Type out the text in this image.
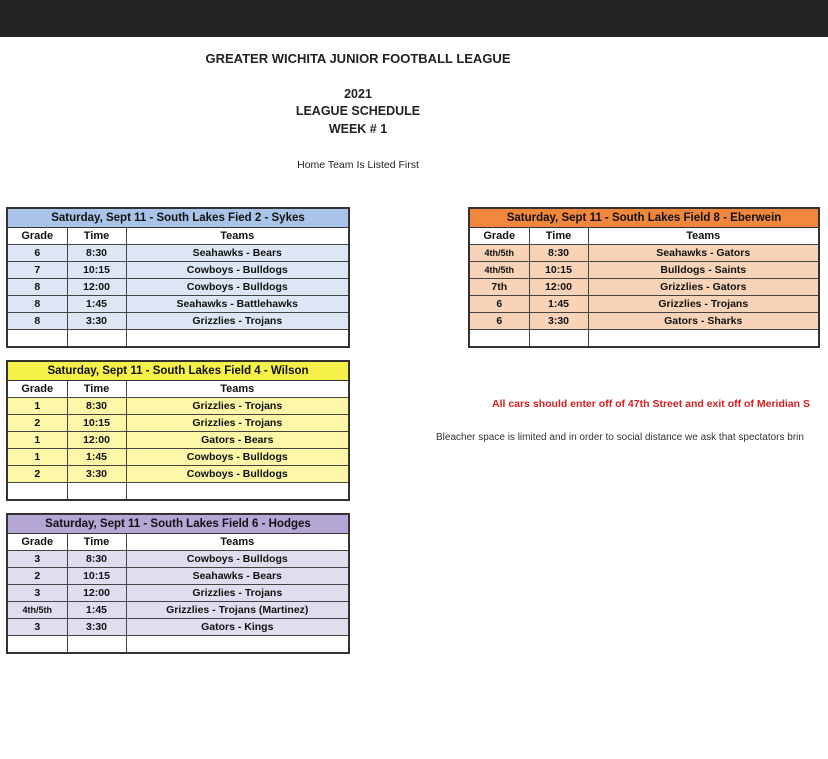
GREATER WICHITA JUNIOR FOOTBALL LEAGUE
2021
LEAGUE SCHEDULE
WEEK # 1
Home Team Is Listed First
Saturday, Sept 11 - South Lakes Fied 2 - Sykes		
Grade	Time	Teams
6	8:30	Seahawks - Bears
7	10:15	Cowboys - Bulldogs
8	12:00	Cowboys - Bulldogs
8	1:45	Seahawks - Battlehawks
8	3:30	Grizzlies - Trojans

Saturday, Sept 11 - South Lakes Field 8 - Eberwein		
Grade	Time	Teams
4th/5th	8:30	Seahawks - Gators
4th/5th	10:15	Bulldogs - Saints
7th	12:00	Grizzlies - Gators
6	1:45	Grizzlies - Trojans
6	3:30	Gators - Sharks

Saturday, Sept 11 - South Lakes Field 4 - Wilson		
Grade	Time	Teams
1	8:30	Grizzlies - Trojans
2	10:15	Grizzlies - Trojans
1	12:00	Gators - Bears
1	1:45	Cowboys - Bulldogs
2	3:30	Cowboys - Bulldogs

Saturday, Sept 11 - South Lakes Field 6 - Hodges		
Grade	Time	Teams
3	8:30	Cowboys - Bulldogs
2	10:15	Seahawks - Bears
3	12:00	Grizzlies - Trojans
4th/5th	1:45	Grizzlies - Trojans (Martinez)
3	3:30	Gators - Kings

All cars should enter off of 47th Street and exit off of Meridian S
Bleacher space is limited and in order to social distance we ask that spectators brin
